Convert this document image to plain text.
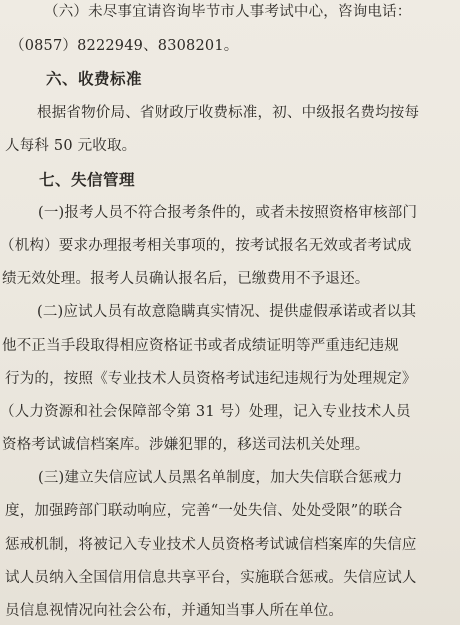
（六）未尽事宜请咨询毕节市人事考试中心，咨询电话：
（0857）8222949、8308201。
六、收费标准
根据省物价局、省财政厅收费标准，初、中级报名费均按每
人每科 50 元收取。
七、失信管理
(一)报考人员不符合报考条件的，或者未按照资格审核部门
（机构）要求办理报考相关事项的，按考试报名无效或者考试成
绩无效处理。报考人员确认报名后，已缴费用不予退还。
(二)应试人员有故意隐瞒真实情况、提供虚假承诺或者以其
他不正当手段取得相应资格证书或者成绩证明等严重违纪违规
行为的，按照《专业技术人员资格考试违纪违规行为处理规定》
（人力资源和社会保障部令第 31 号）处理，记入专业技术人员
资格考试诚信档案库。涉嫌犯罪的，移送司法机关处理。
(三)建立失信应试人员黑名单制度，加大失信联合惩戒力
度，加强跨部门联动响应，完善“一处失信、处处受限”的联合
惩戒机制，将被记入专业技术人员资格考试诚信档案库的失信应
试人员纳入全国信用信息共享平台，实施联合惩戒。失信应试人
员信息视情况向社会公布，并通知当事人所在单位。
